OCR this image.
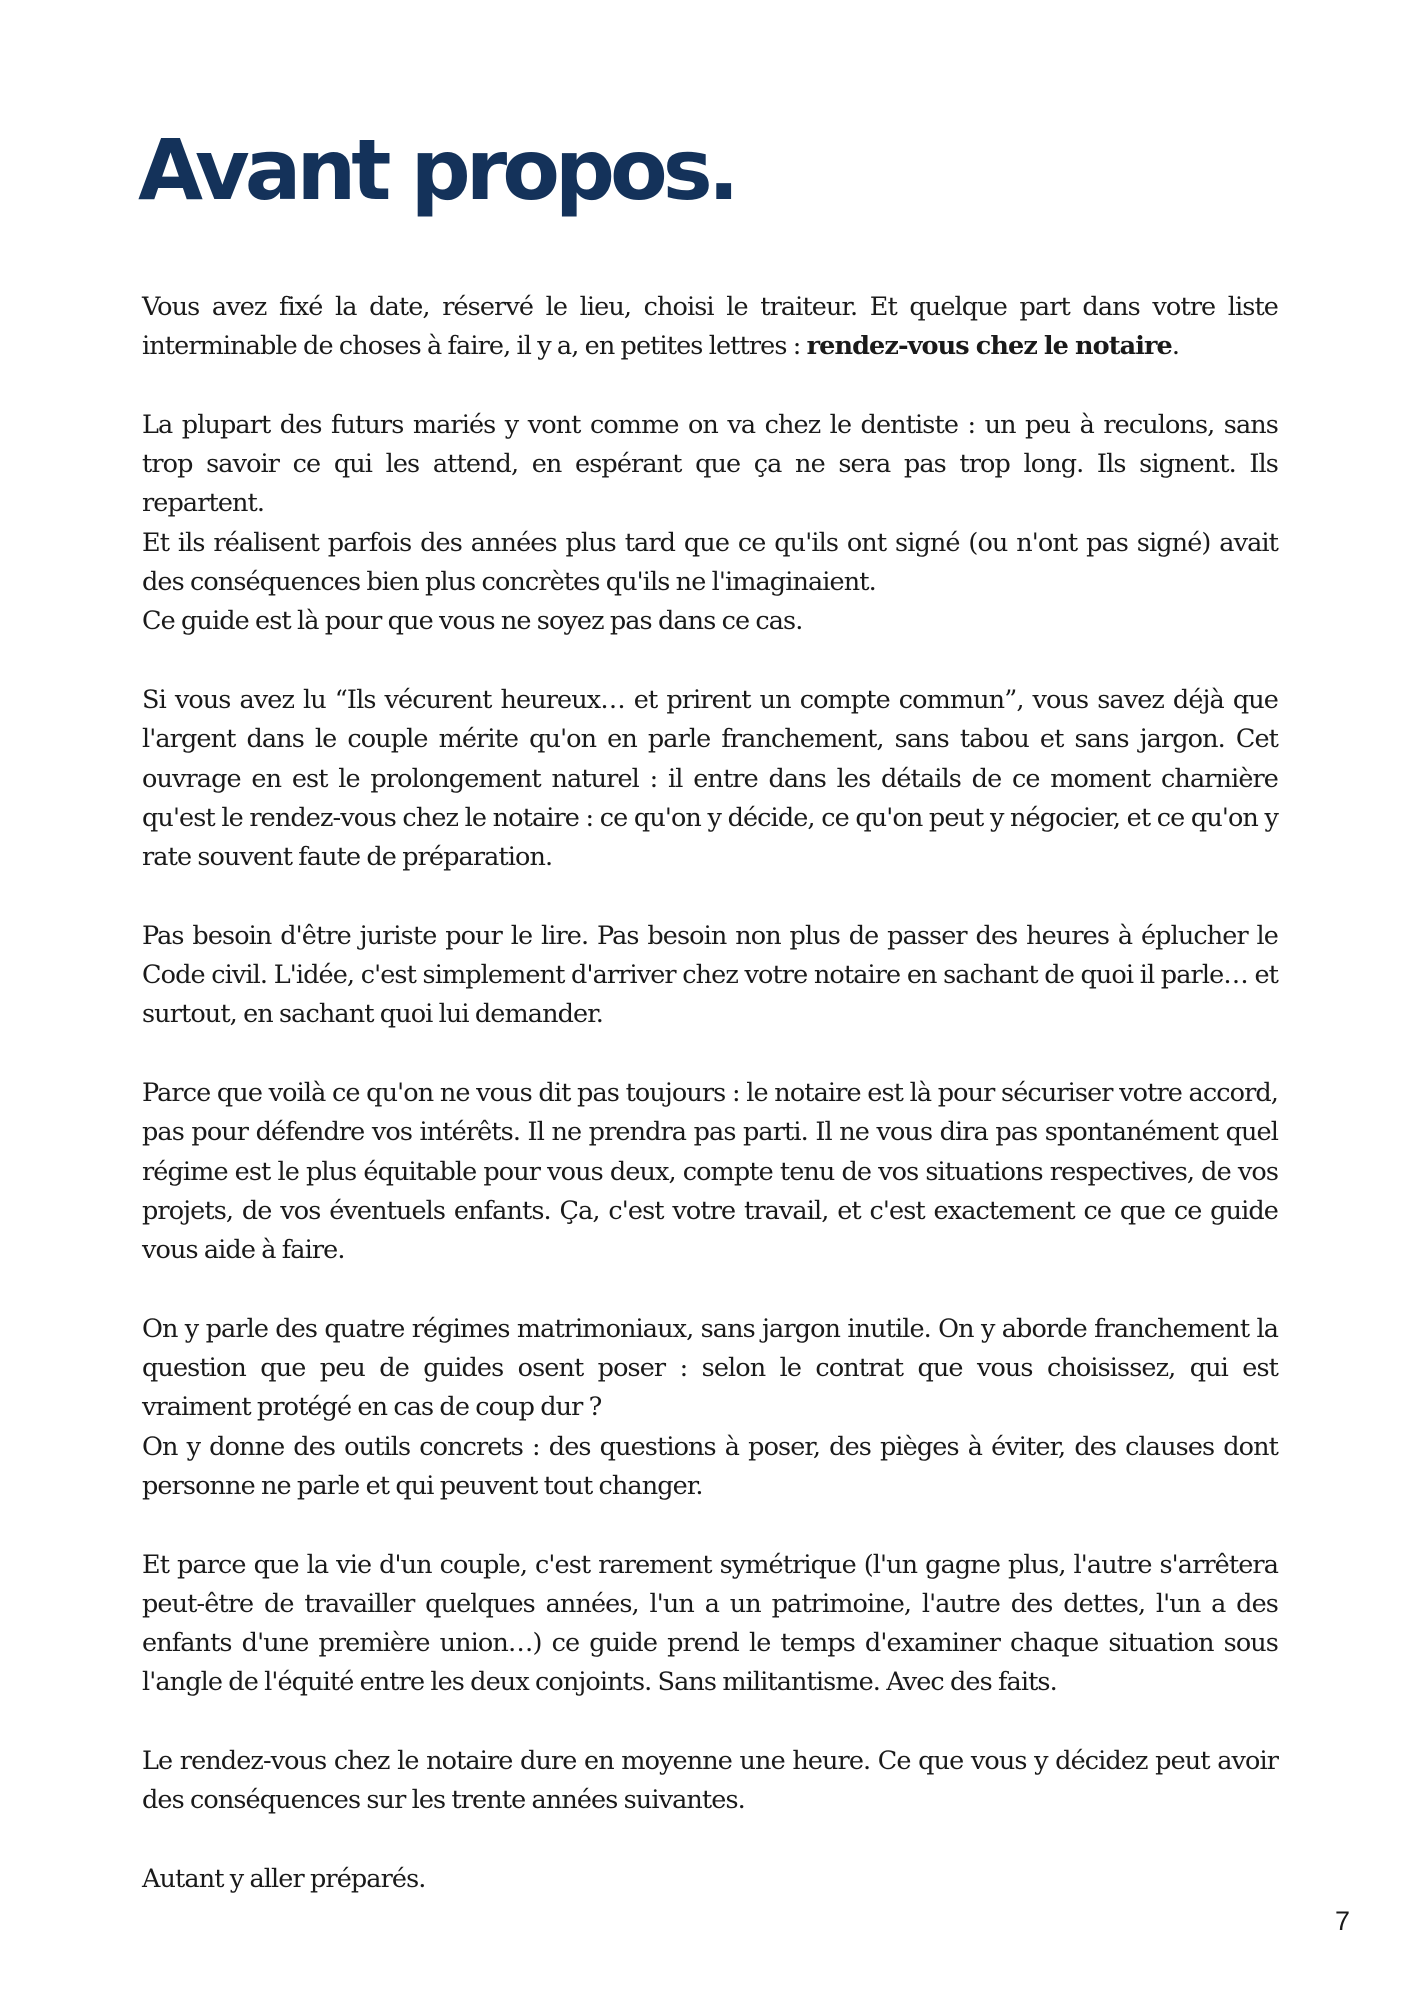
Avant propos.

Vous avez fixé la date, réservé le lieu, choisi le traiteur. Et quelque part dans votre liste
interminable de choses à faire, il y a, en petites lettres : rendez-vous chez le notaire.

La plupart des futurs mariés y vont comme on va chez le dentiste : un peu à reculons, sans
trop savoir ce qui les attend, en espérant que ça ne sera pas trop long. Ils signent. Ils repartent.
Et ils réalisent parfois des années plus tard que ce qu'ils ont signé (ou n'ont pas signé) avait
des conséquences bien plus concrètes qu'ils ne l'imaginaient.
Ce guide est là pour que vous ne soyez pas dans ce cas.

Si vous avez lu “Ils vécurent heureux… et prirent un compte commun”, vous savez déjà que
l'argent dans le couple mérite qu'on en parle franchement, sans tabou et sans jargon. Cet
ouvrage en est le prolongement naturel : il entre dans les détails de ce moment charnière
qu'est le rendez-vous chez le notaire : ce qu'on y décide, ce qu'on peut y négocier, et ce qu'on y
rate souvent faute de préparation.

Pas besoin d'être juriste pour le lire. Pas besoin non plus de passer des heures à éplucher le
Code civil. L'idée, c'est simplement d'arriver chez votre notaire en sachant de quoi il parle… et
surtout, en sachant quoi lui demander.

Parce que voilà ce qu'on ne vous dit pas toujours : le notaire est là pour sécuriser votre accord,
pas pour défendre vos intérêts. Il ne prendra pas parti. Il ne vous dira pas spontanément quel
régime est le plus équitable pour vous deux, compte tenu de vos situations respectives, de vos
projets, de vos éventuels enfants. Ça, c'est votre travail, et c'est exactement ce que ce guide
vous aide à faire.

On y parle des quatre régimes matrimoniaux, sans jargon inutile. On y aborde franchement la
question que peu de guides osent poser : selon le contrat que vous choisissez, qui est
vraiment protégé en cas de coup dur ?
On y donne des outils concrets : des questions à poser, des pièges à éviter, des clauses dont
personne ne parle et qui peuvent tout changer.

Et parce que la vie d'un couple, c'est rarement symétrique (l'un gagne plus, l'autre s'arrêtera
peut-être de travailler quelques années, l'un a un patrimoine, l'autre des dettes, l'un a des
enfants d'une première union…) ce guide prend le temps d'examiner chaque situation sous
l'angle de l'équité entre les deux conjoints. Sans militantisme. Avec des faits.

Le rendez-vous chez le notaire dure en moyenne une heure. Ce que vous y décidez peut avoir
des conséquences sur les trente années suivantes.

Autant y aller préparés.

7
